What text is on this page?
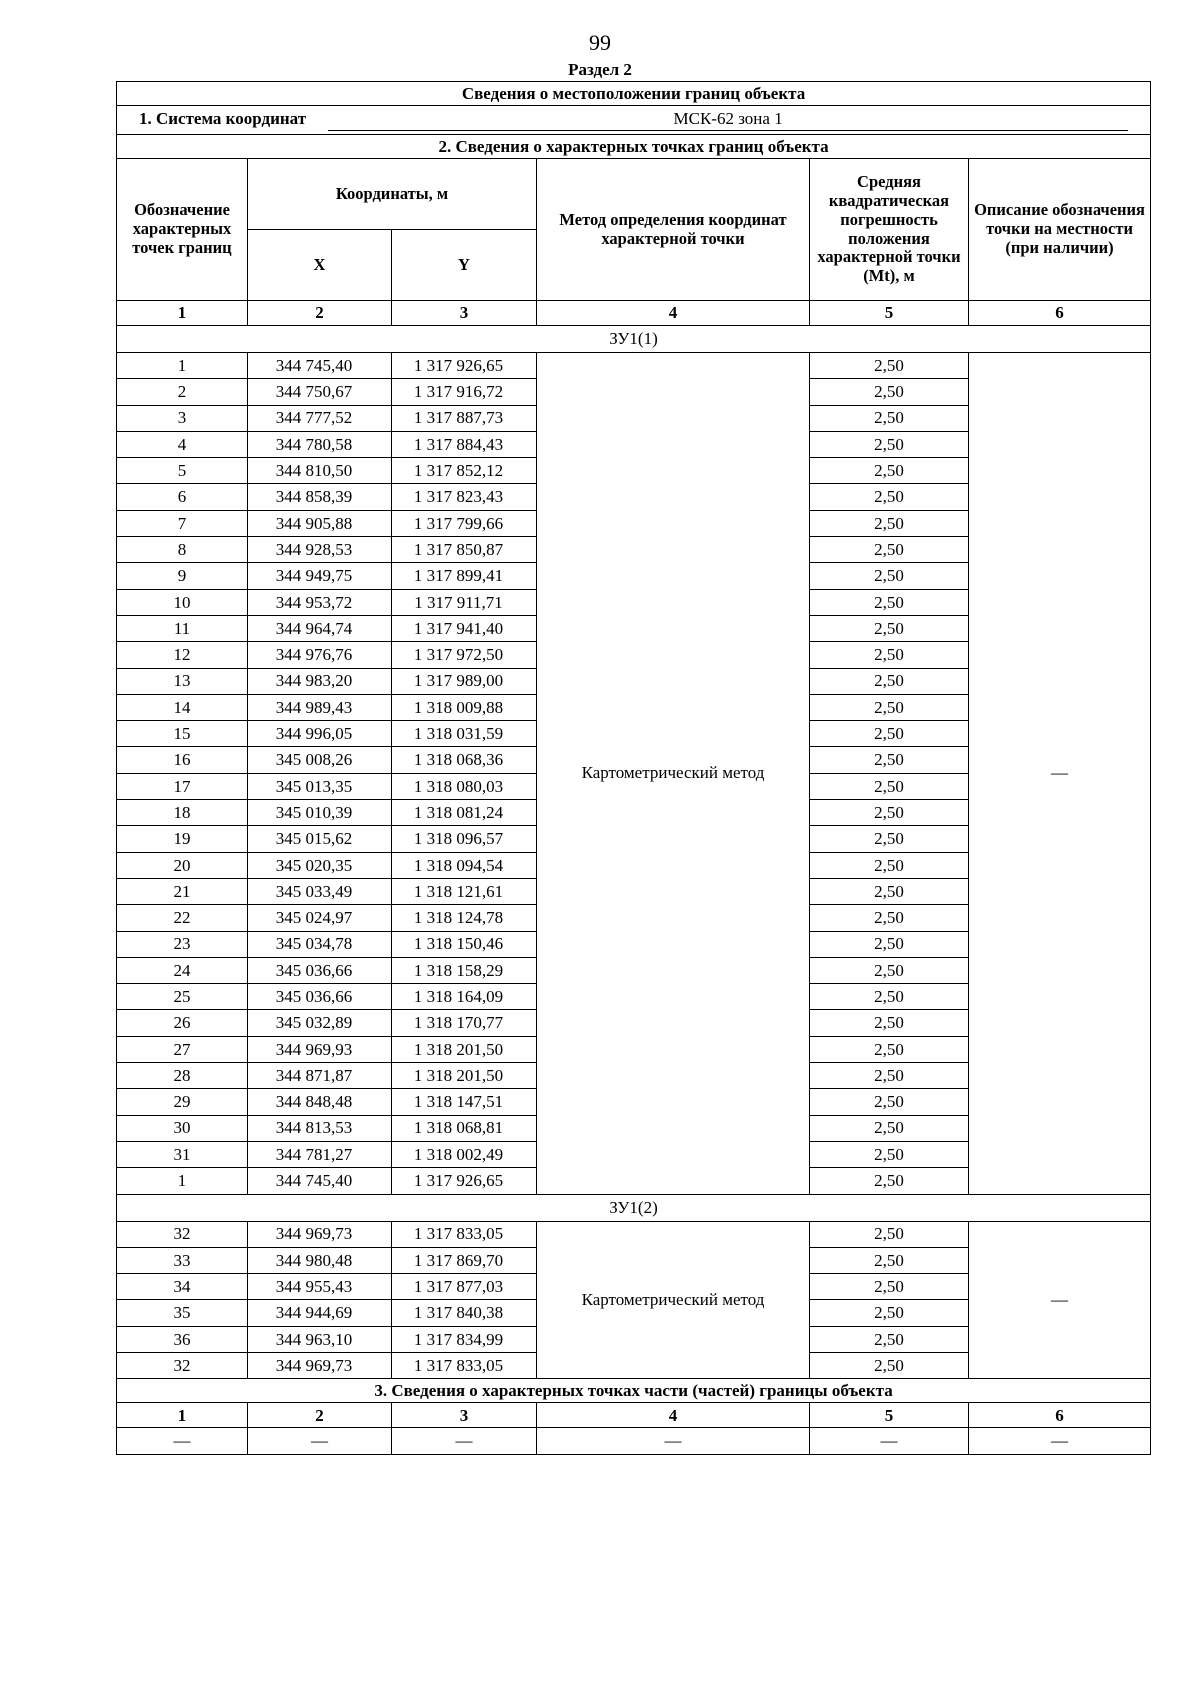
99
Раздел 2
Сведения о местоположении границ объекта					
1. Система координат МСК-62 зона 1					
2. Сведения о характерных точках границ объекта					
Обозначение характерных точек границ	Координаты, м		Метод определения координат характерной точки	Средняя квадратическая погрешность положения характерной точки (Mt), м	Описание обозначения точки на местности (при наличии)
	X	Y			
1	2	3	4	5	6
ЗУ1(1)					
1	344 745,40	1 317 926,65	Картометрический метод	2,50	—
2	344 750,67	1 317 916,72		2,50	
3	344 777,52	1 317 887,73		2,50	
4	344 780,58	1 317 884,43		2,50	
5	344 810,50	1 317 852,12		2,50	
6	344 858,39	1 317 823,43		2,50	
7	344 905,88	1 317 799,66		2,50	
8	344 928,53	1 317 850,87		2,50	
9	344 949,75	1 317 899,41		2,50	
10	344 953,72	1 317 911,71		2,50	
11	344 964,74	1 317 941,40		2,50	
12	344 976,76	1 317 972,50		2,50	
13	344 983,20	1 317 989,00		2,50	
14	344 989,43	1 318 009,88		2,50	
15	344 996,05	1 318 031,59		2,50	
16	345 008,26	1 318 068,36		2,50	
17	345 013,35	1 318 080,03		2,50	
18	345 010,39	1 318 081,24		2,50	
19	345 015,62	1 318 096,57		2,50	
20	345 020,35	1 318 094,54		2,50	
21	345 033,49	1 318 121,61		2,50	
22	345 024,97	1 318 124,78		2,50	
23	345 034,78	1 318 150,46		2,50	
24	345 036,66	1 318 158,29		2,50	
25	345 036,66	1 318 164,09		2,50	
26	345 032,89	1 318 170,77		2,50	
27	344 969,93	1 318 201,50		2,50	
28	344 871,87	1 318 201,50		2,50	
29	344 848,48	1 318 147,51		2,50	
30	344 813,53	1 318 068,81		2,50	
31	344 781,27	1 318 002,49		2,50	
1	344 745,40	1 317 926,65		2,50	
ЗУ1(2)					
32	344 969,73	1 317 833,05	Картометрический метод	2,50	—
33	344 980,48	1 317 869,70		2,50	
34	344 955,43	1 317 877,03		2,50	
35	344 944,69	1 317 840,38		2,50	
36	344 963,10	1 317 834,99		2,50	
32	344 969,73	1 317 833,05		2,50	
3. Сведения о характерных точках части (частей) границы объекта					
1	2	3	4	5	6
—	—	—	—	—	—
